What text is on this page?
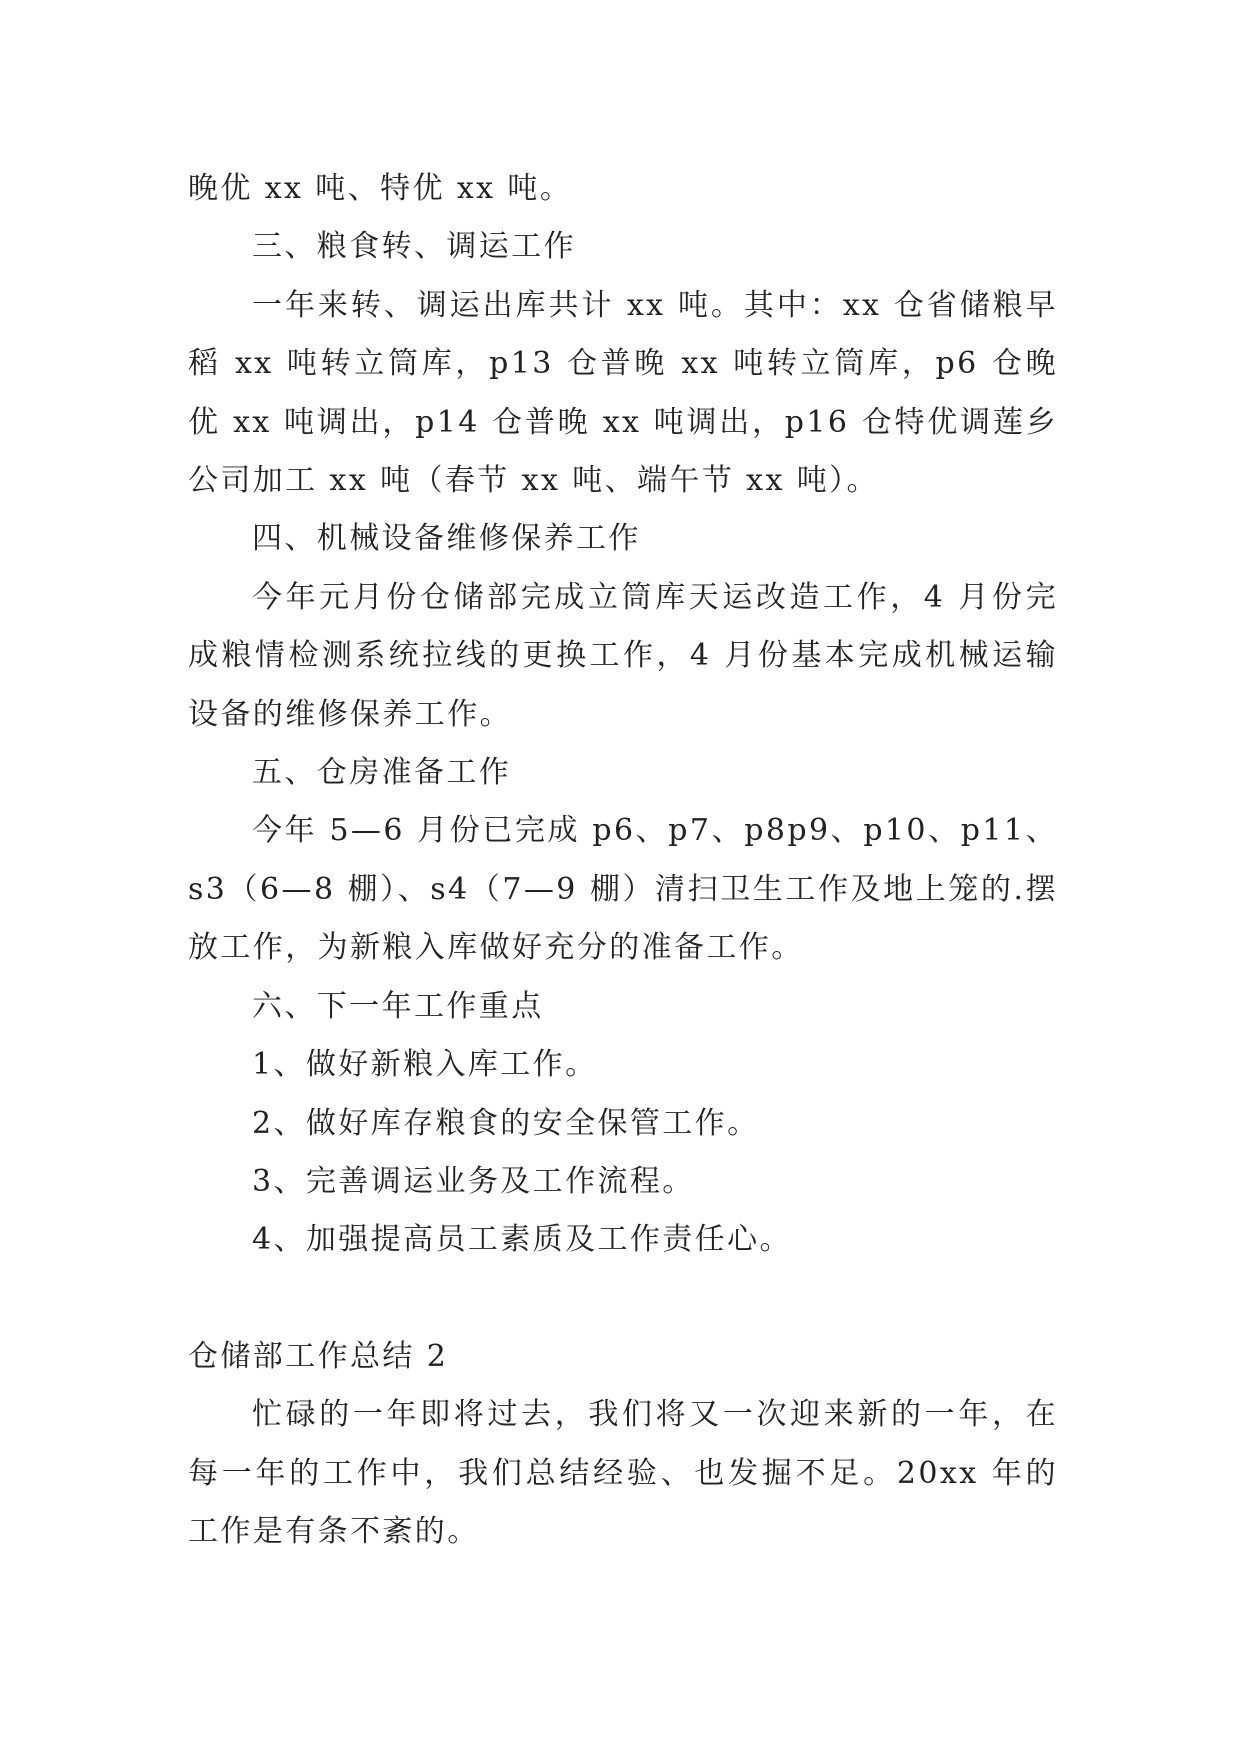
晚优 xx 吨、特优 xx 吨。

三、粮食转、调运工作

一年来转、调运出库共计 xx 吨。其中：xx 仓省储粮早稻 xx 吨转立筒库，p13 仓普晚 xx 吨转立筒库，p6 仓晚优 xx 吨调出，p14 仓普晚 xx 吨调出，p16 仓特优调莲乡公司加工 xx 吨（春节 xx 吨、端午节 xx 吨）。

四、机械设备维修保养工作

今年元月份仓储部完成立筒库天运改造工作，4 月份完成粮情检测系统拉线的更换工作，4 月份基本完成机械运输设备的维修保养工作。

五、仓房准备工作

今年 5—6 月份已完成 p6、p7、p8p9、p10、p11、s3（6—8 棚）、s4（7—9 棚）清扫卫生工作及地上笼的.摆放工作，为新粮入库做好充分的准备工作。

六、下一年工作重点

1、做好新粮入库工作。

2、做好库存粮食的安全保管工作。

3、完善调运业务及工作流程。

4、加强提高员工素质及工作责任心。

仓储部工作总结 2

忙碌的一年即将过去，我们将又一次迎来新的一年，在每一年的工作中，我们总结经验、也发掘不足。20xx 年的工作是有条不紊的。
